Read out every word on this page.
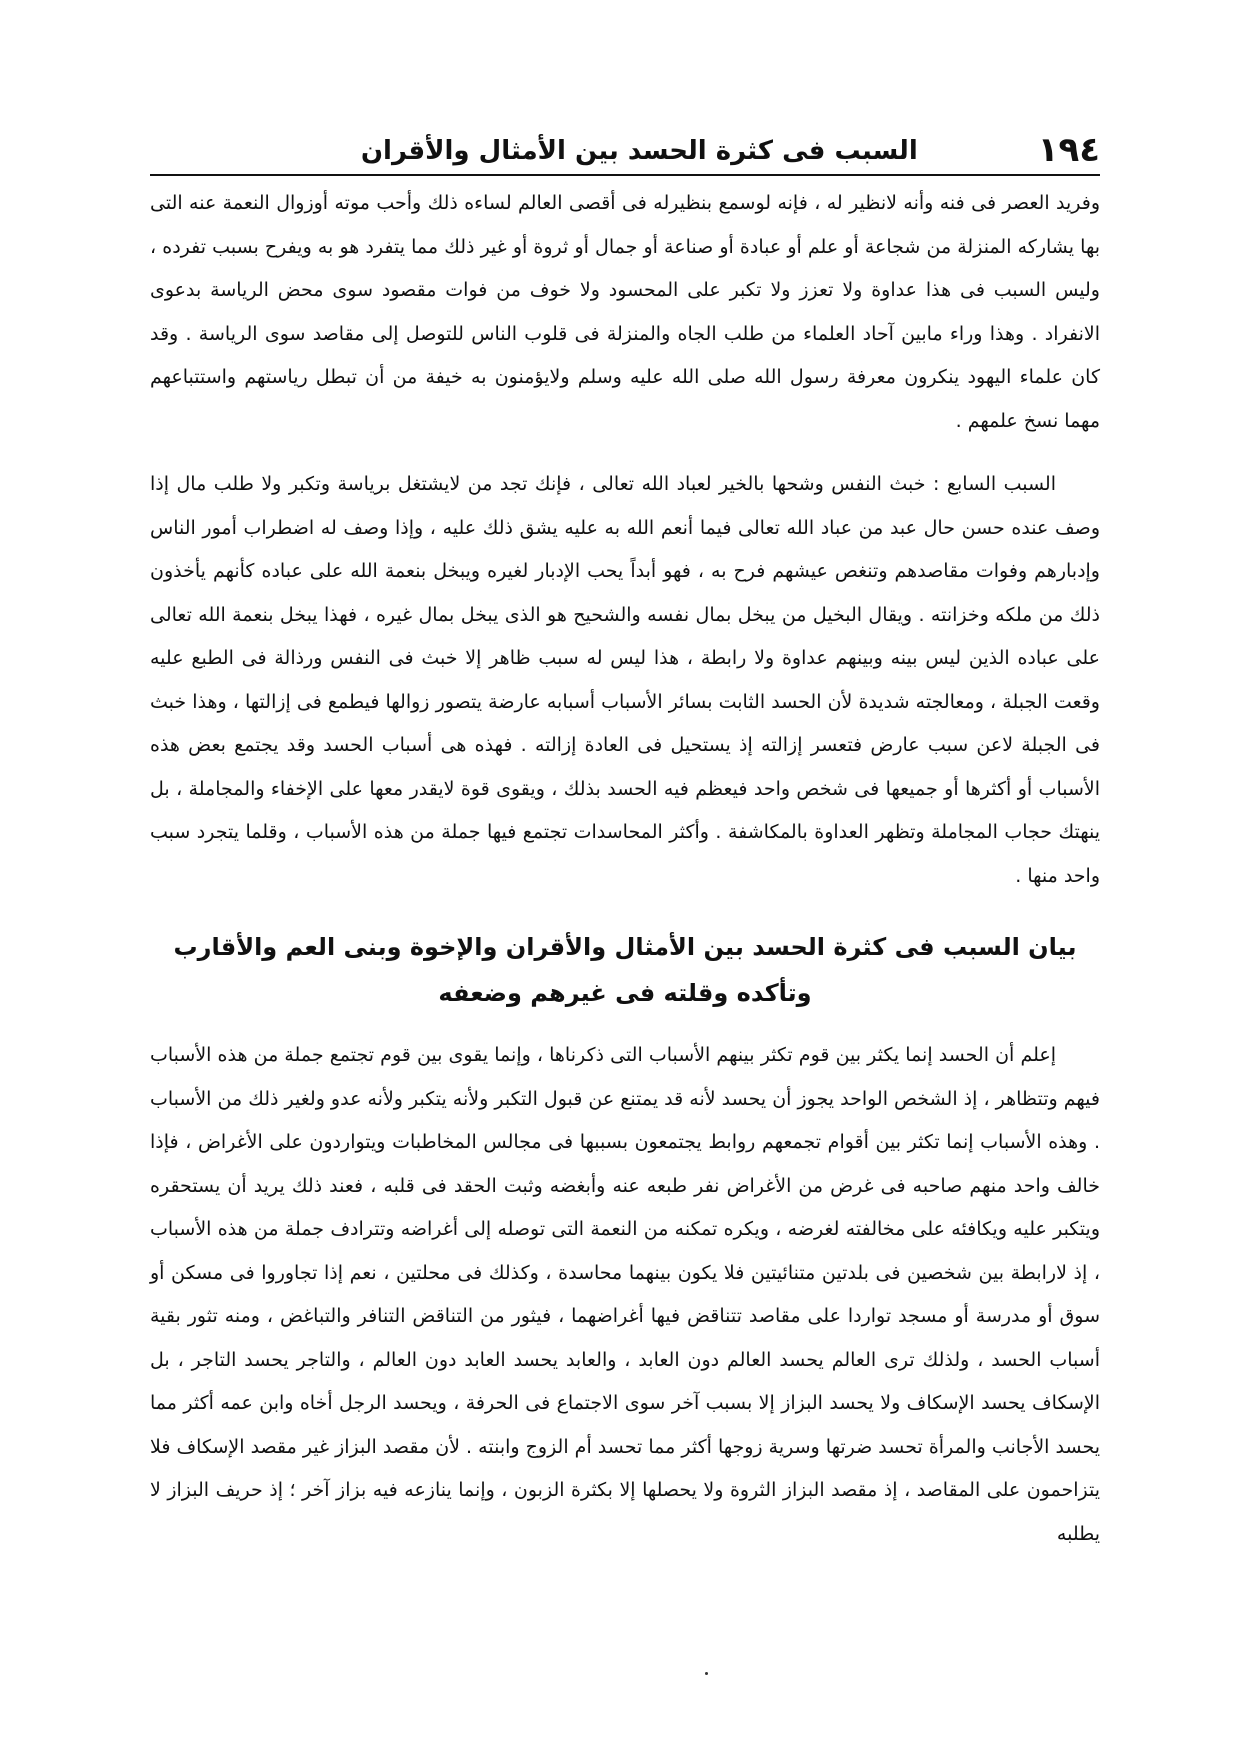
١٩٤
السبب فى كثرة الحسد بين الأمثال والأقران

وفريد العصر فى فنه وأنه لانظير له ، فإنه لوسمع بنظيرله فى أقصى العالم لساءه ذلك وأحب موته أوزوال النعمة عنه التى بها يشاركه المنزلة من شجاعة أو علم أو عبادة أو صناعة أو جمال أو ثروة أو غير ذلك مما يتفرد هو به ويفرح بسبب تفرده ، وليس السبب فى هذا عداوة ولا تعزز ولا تكبر على المحسود ولا خوف من فوات مقصود سوى محض الرياسة بدعوى الانفراد . وهذا وراء مابين آحاد العلماء من طلب الجاه والمنزلة فى قلوب الناس للتوصل إلى مقاصد سوى الرياسة . وقد كان علماء اليهود ينكرون معرفة رسول الله صلى الله عليه وسلم ولايؤمنون به خيفة من أن تبطل رياستهم واستتباعهم مهما نسخ علمهم .

السبب السابع : خبث النفس وشحها بالخير لعباد الله تعالى ، فإنك تجد من لايشتغل برياسة وتكبر ولا طلب مال إذا وصف عنده حسن حال عبد من عباد الله تعالى فيما أنعم الله به عليه يشق ذلك عليه ، وإذا وصف له اضطراب أمور الناس وإدبارهم وفوات مقاصدهم وتنغص عيشهم فرح به ، فهو أبداً يحب الإدبار لغيره ويبخل بنعمة الله على عباده كأنهم يأخذون ذلك من ملكه وخزانته . ويقال البخيل من يبخل بمال نفسه والشحيح هو الذى يبخل بمال غيره ، فهذا يبخل بنعمة الله تعالى على عباده الذين ليس بينه وبينهم عداوة ولا رابطة ، هذا ليس له سبب ظاهر إلا خبث فى النفس ورذالة فى الطبع عليه وقعت الجبلة ، ومعالجته شديدة لأن الحسد الثابت بسائر الأسباب أسبابه عارضة يتصور زوالها فيطمع فى إزالتها ، وهذا خبث فى الجبلة لاعن سبب عارض فتعسر إزالته إذ يستحيل فى العادة إزالته . فهذه هى أسباب الحسد وقد يجتمع بعض هذه الأسباب أو أكثرها أو جميعها فى شخص واحد فيعظم فيه الحسد بذلك ، ويقوى قوة لايقدر معها على الإخفاء والمجاملة ، بل ينهتك حجاب المجاملة وتظهر العداوة بالمكاشفة . وأكثر المحاسدات تجتمع فيها جملة من هذه الأسباب ، وقلما يتجرد سبب واحد منها .

بيان السبب فى كثرة الحسد بين الأمثال والأقران والإخوة وبنى العم والأقارب
وتأكده وقلته فى غيرهم وضعفه

إعلم أن الحسد إنما يكثر بين قوم تكثر بينهم الأسباب التى ذكرناها ، وإنما يقوى بين قوم تجتمع جملة من هذه الأسباب فيهم وتتظاهر ، إذ الشخص الواحد يجوز أن يحسد لأنه قد يمتنع عن قبول التكبر ولأنه يتكبر ولأنه عدو ولغير ذلك من الأسباب . وهذه الأسباب إنما تكثر بين أقوام تجمعهم روابط يجتمعون بسببها فى مجالس المخاطبات ويتواردون على الأغراض ، فإذا خالف واحد منهم صاحبه فى غرض من الأغراض نفر طبعه عنه وأبغضه وثبت الحقد فى قلبه ، فعند ذلك يريد أن يستحقره ويتكبر عليه ويكافئه على مخالفته لغرضه ، ويكره تمكنه من النعمة التى توصله إلى أغراضه وتترادف جملة من هذه الأسباب ، إذ لارابطة بين شخصين فى بلدتين متنائيتين فلا يكون بينهما محاسدة ، وكذلك فى محلتين ، نعم إذا تجاوروا فى مسكن أو سوق أو مدرسة أو مسجد تواردا على مقاصد تتناقض فيها أغراضهما ، فيثور من التناقض التنافر والتباغض ، ومنه تثور بقية أسباب الحسد ، ولذلك ترى العالم يحسد العالم دون العابد ، والعابد يحسد العابد دون العالم ، والتاجر يحسد التاجر ، بل الإسكاف يحسد الإسكاف ولا يحسد البزاز إلا بسبب آخر سوى الاجتماع فى الحرفة ، ويحسد الرجل أخاه وابن عمه أكثر مما يحسد الأجانب والمرأة تحسد ضرتها وسرية زوجها أكثر مما تحسد أم الزوج وابنته . لأن مقصد البزاز غير مقصد الإسكاف فلا يتزاحمون على المقاصد ، إذ مقصد البزاز الثروة ولا يحصلها إلا بكثرة الزبون ، وإنما ينازعه فيه بزاز آخر ؛ إذ حريف البزاز لا يطلبه
